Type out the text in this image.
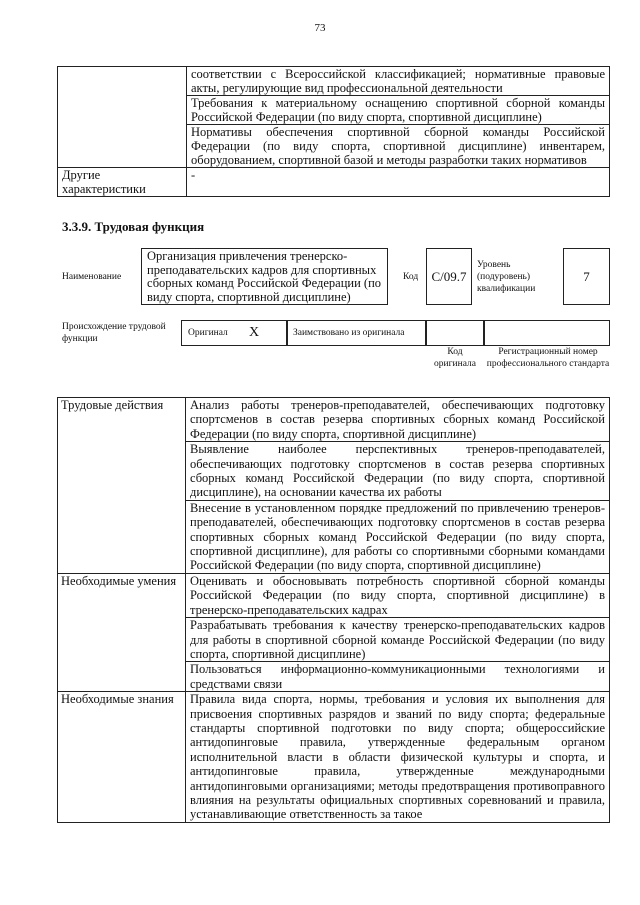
73
	соответствии с Всероссийской классификацией; нормативные правовые акты, регулирующие вид профессиональной деятельности
	Требования к материальному оснащению спортивной сборной команды Российской Федерации (по виду спорта, спортивной дисциплине)
	Нормативы обеспечения спортивной сборной команды Российской Федерации (по виду спорта, спортивной дисциплине) инвентарем, оборудованием, спортивной базой и методы разработки таких нормативов
Другие характеристики	-
3.3.9. Трудовая функция
Наименование
Организация привлечения тренерско-преподавательских кадров для спортивных сборных команд Российской Федерации (по виду спорта, спортивной дисциплине)
Код	C/09.7
Уровень (подуровень) квалификации
7
Происхождение трудовой функции
Оригинал X	Заимствовано из оригинала
Код оригинала
Регистрационный номер профессионального стандарта
Трудовые действия	Анализ работы тренеров-преподавателей, обеспечивающих подготовку спортсменов в состав резерва спортивных сборных команд Российской Федерации (по виду спорта, спортивной дисциплине)
	Выявление наиболее перспективных тренеров-преподавателей, обеспечивающих подготовку спортсменов в состав резерва спортивных сборных команд Российской Федерации (по виду спорта, спортивной дисциплине), на основании качества их работы
	Внесение в установленном порядке предложений по привлечению тренеров-преподавателей, обеспечивающих подготовку спортсменов в состав резерва спортивных сборных команд Российской Федерации (по виду спорта, спортивной дисциплине), для работы со спортивными сборными командами Российской Федерации (по виду спорта, спортивной дисциплине)
Необходимые умения	Оценивать и обосновывать потребность спортивной сборной команды Российской Федерации (по виду спорта, спортивной дисциплине) в тренерско-преподавательских кадрах
	Разрабатывать требования к качеству тренерско-преподавательских кадров для работы в спортивной сборной команде Российской Федерации (по виду спорта, спортивной дисциплине)
	Пользоваться информационно-коммуникационными технологиями и средствами связи
Необходимые знания	Правила вида спорта, нормы, требования и условия их выполнения для присвоения спортивных разрядов и званий по виду спорта; федеральные стандарты спортивной подготовки по виду спорта; общероссийские антидопинговые правила, утвержденные федеральным органом исполнительной власти в области физической культуры и спорта, и антидопинговые правила, утвержденные международными антидопинговыми организациями; методы предотвращения противоправного влияния на результаты официальных спортивных соревнований и правила, устанавливающие ответственность за такое
